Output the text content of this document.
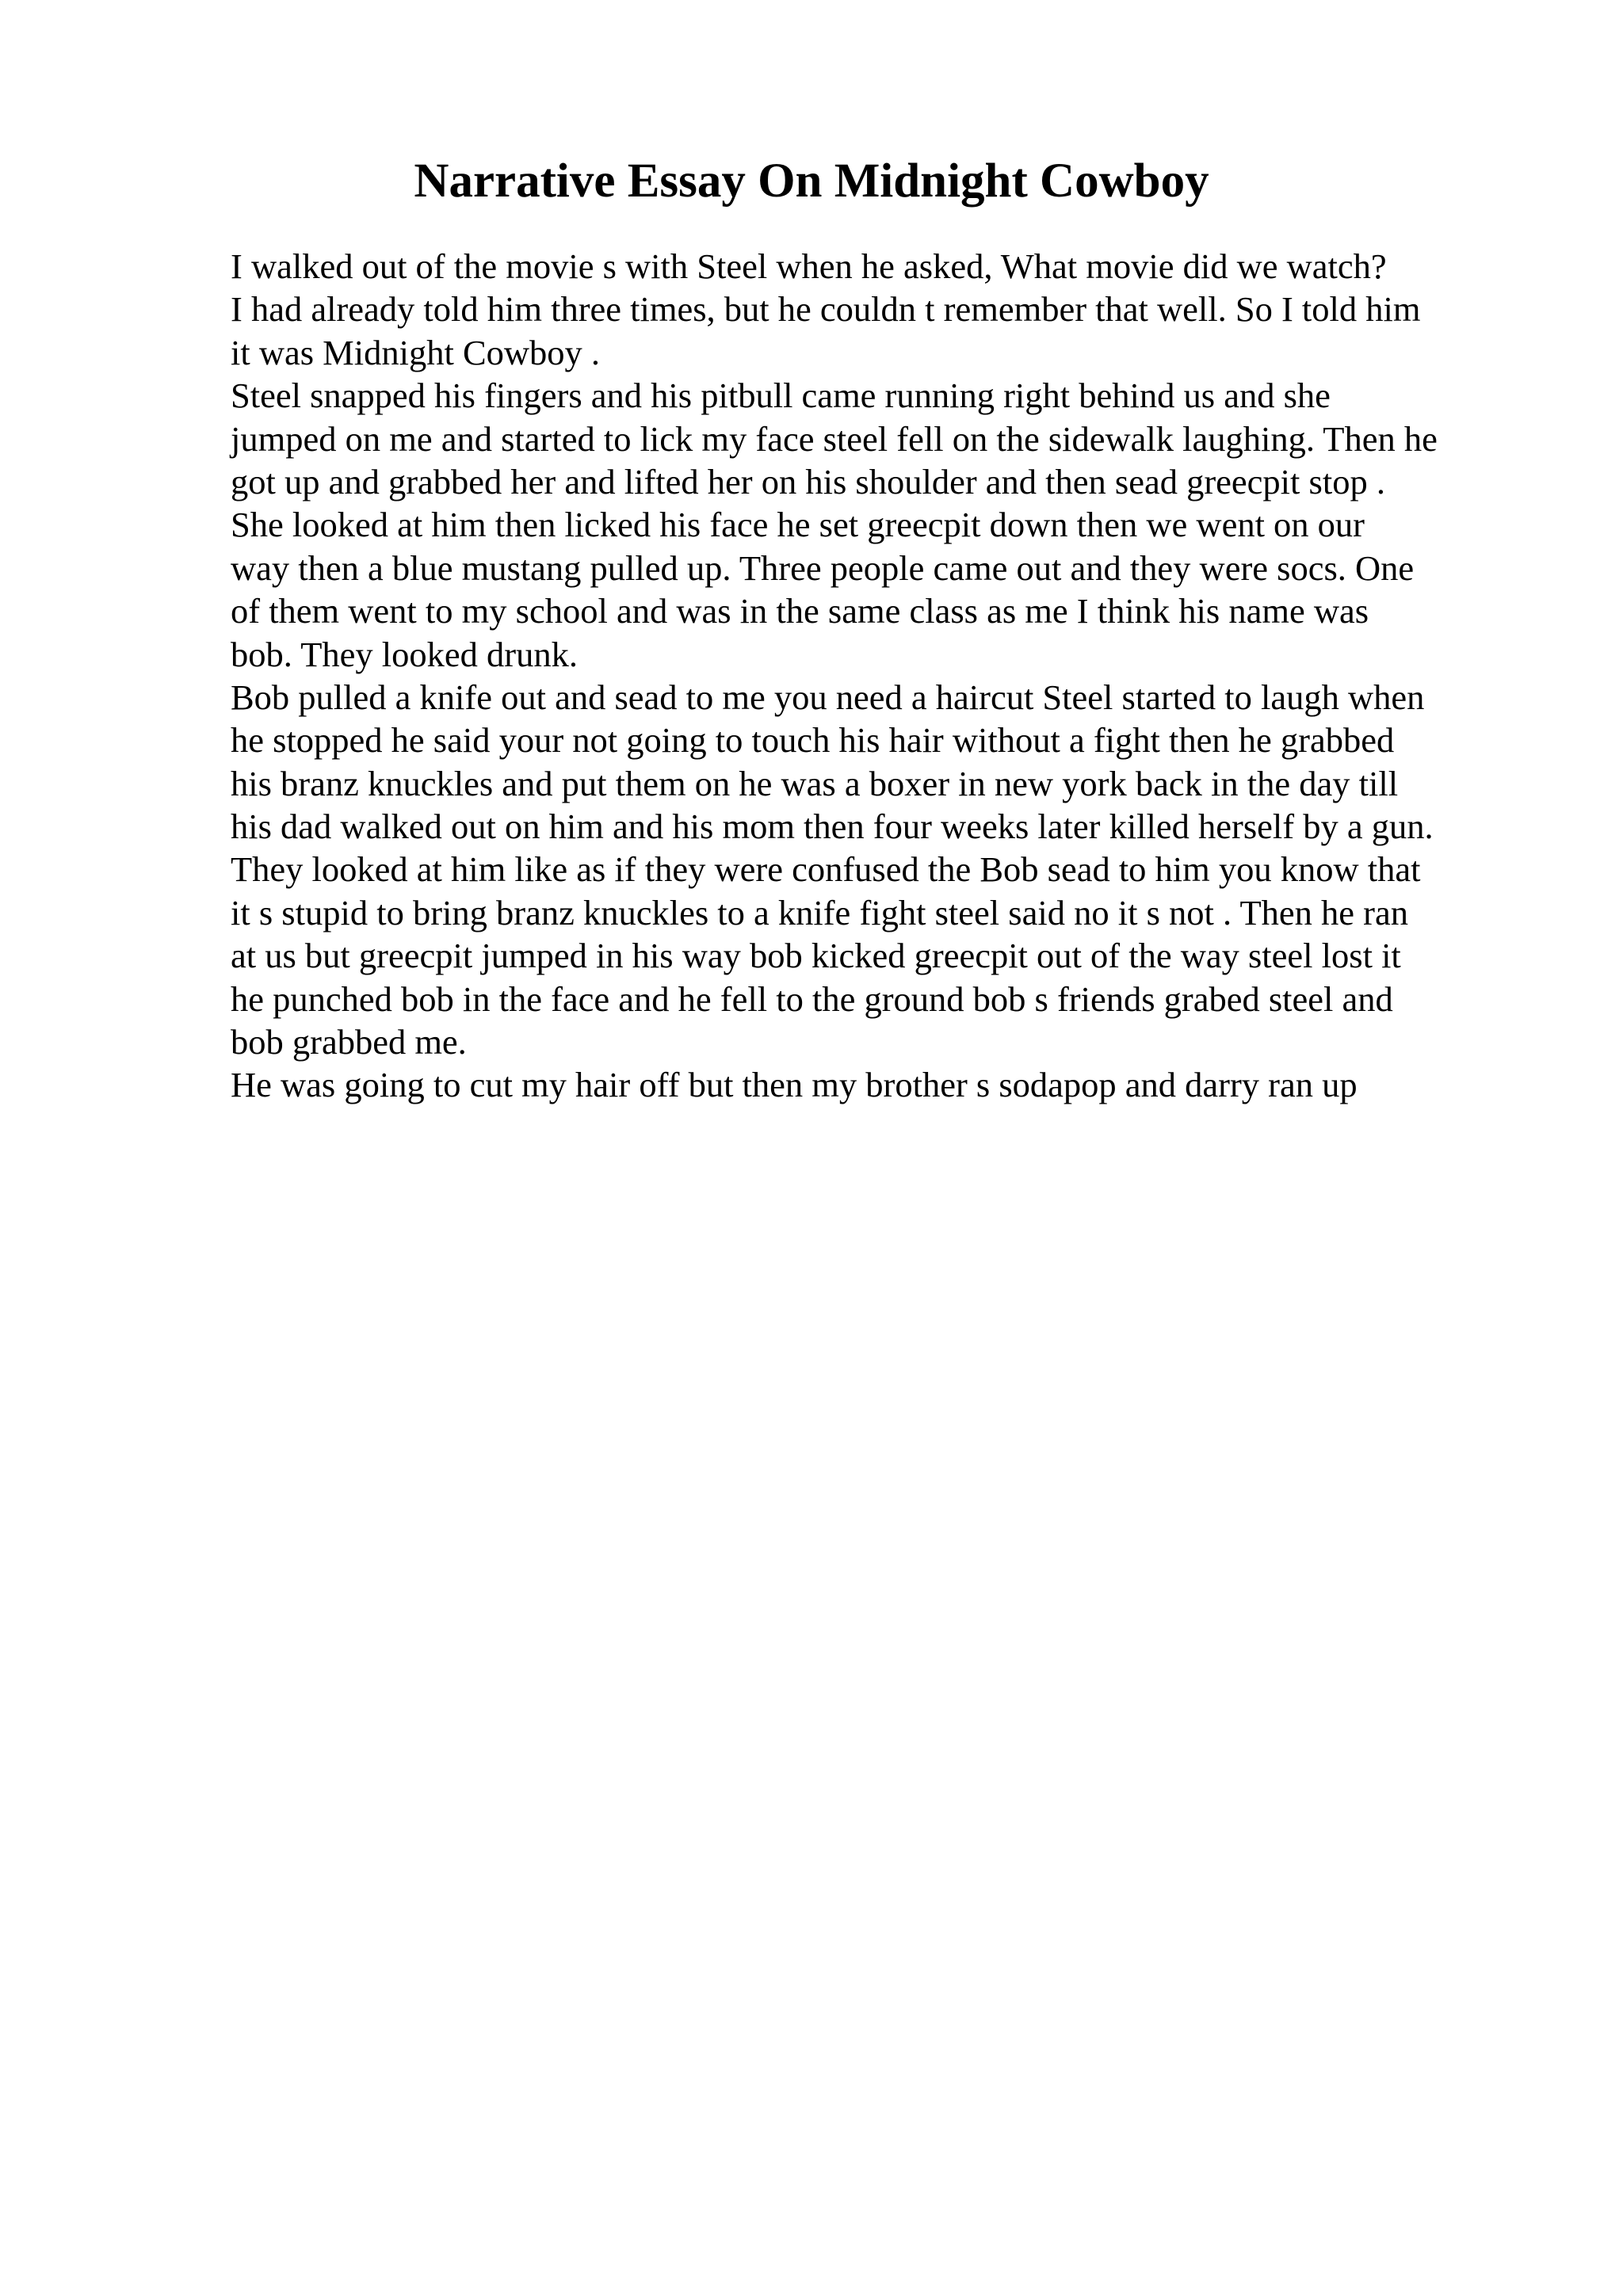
Narrative Essay On Midnight Cowboy
I walked out of the movie s with Steel when he asked, What movie did we watch?
I had already told him three times, but he couldn t remember that well. So I told him
it was Midnight Cowboy .
Steel snapped his fingers and his pitbull came running right behind us and she
jumped on me and started to lick my face steel fell on the sidewalk laughing. Then he
got up and grabbed her and lifted her on his shoulder and then sead greecpit stop .
She looked at him then licked his face he set greecpit down then we went on our
way then a blue mustang pulled up. Three people came out and they were socs. One
of them went to my school and was in the same class as me I think his name was
bob. They looked drunk.
Bob pulled a knife out and sead to me you need a haircut Steel started to laugh when
he stopped he said your not going to touch his hair without a fight then he grabbed
his branz knuckles and put them on he was a boxer in new york back in the day till
his dad walked out on him and his mom then four weeks later killed herself by a gun.
They looked at him like as if they were confused the Bob sead to him you know that
it s stupid to bring branz knuckles to a knife fight steel said no it s not . Then he ran
at us but greecpit jumped in his way bob kicked greecpit out of the way steel lost it
he punched bob in the face and he fell to the ground bob s friends grabed steel and
bob grabbed me.
He was going to cut my hair off but then my brother s sodapop and darry ran up
